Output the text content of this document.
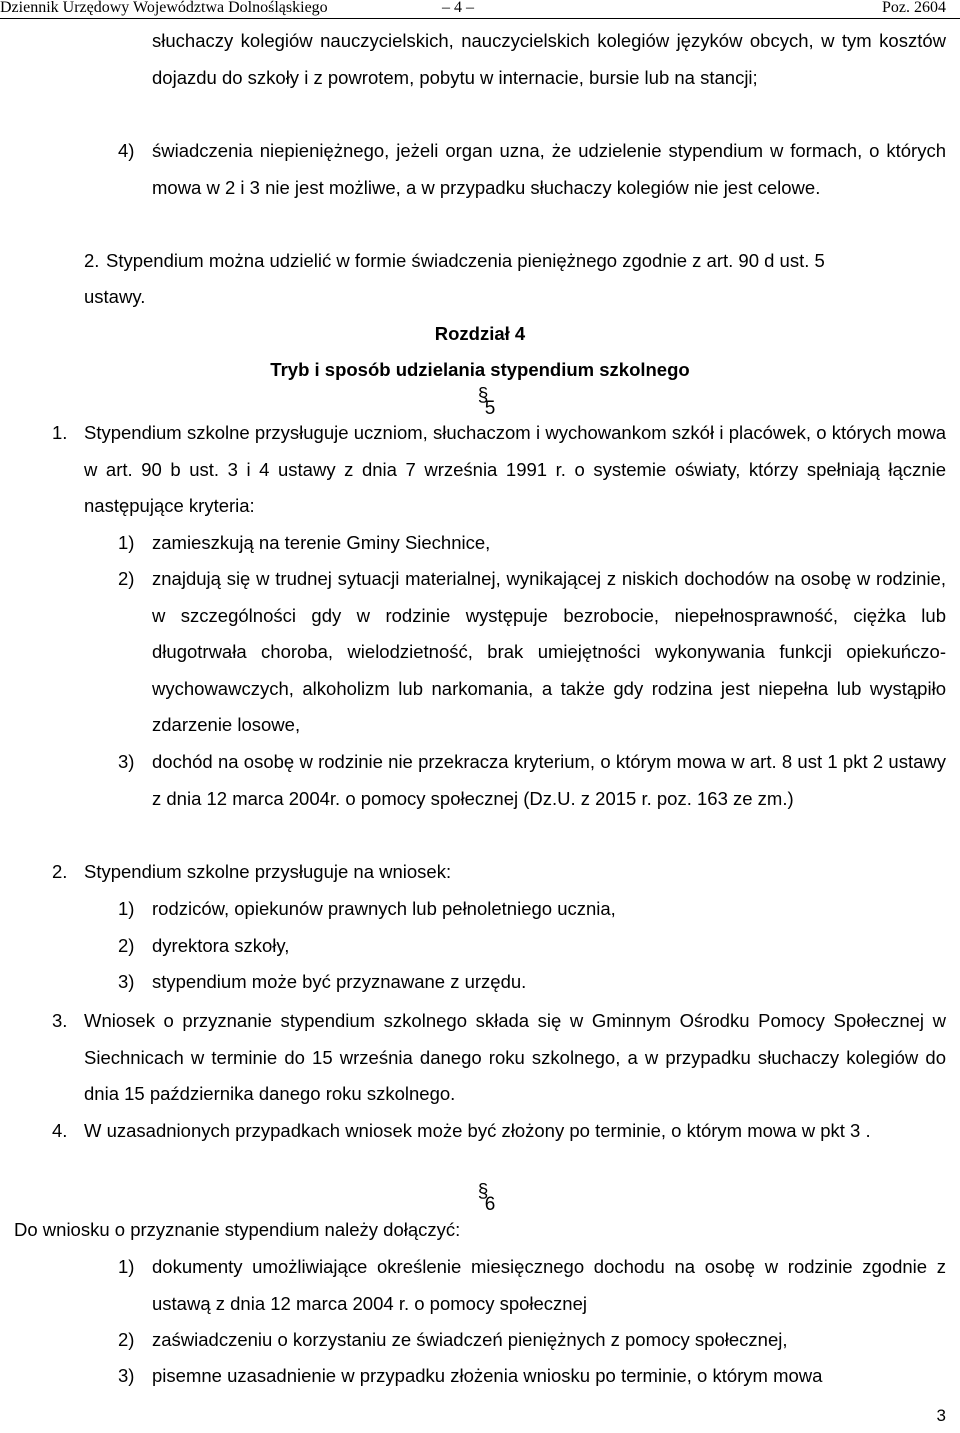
Dziennik Urzędowy Województwa Dolnośląskiego	– 4 –	Poz. 2604
słuchaczy kolegiów nauczycielskich, nauczycielskich kolegiów języków obcych, w tym kosztów dojazdu do szkoły i z powrotem, pobytu w internacie, bursie lub na stancji;
4) świadczenia niepieniężnego, jeżeli organ uzna, że udzielenie stypendium w formach, o których mowa w 2 i 3 nie jest możliwe, a w przypadku słuchaczy kolegiów nie jest celowe.
2. Stypendium można udzielić w formie świadczenia pieniężnego zgodnie z art. 90 d ust. 5
ustawy.
Rozdział 4
Tryb i sposób udzielania stypendium szkolnego
§
5
1. Stypendium szkolne przysługuje uczniom, słuchaczom i wychowankom szkół i placówek, o których mowa w art. 90 b ust. 3 i 4 ustawy z dnia 7 września 1991 r. o systemie oświaty, którzy spełniają łącznie następujące kryteria:
1) zamieszkują na terenie Gminy Siechnice,
2) znajdują się w trudnej sytuacji materialnej, wynikającej z niskich dochodów na osobę w rodzinie, w szczególności gdy w rodzinie występuje bezrobocie, niepełnosprawność, ciężka lub długotrwała choroba, wielodzietność, brak umiejętności wykonywania funkcji opiekuńczo-wychowawczych, alkoholizm lub narkomania, a także gdy rodzina jest niepełna lub wystąpiło zdarzenie losowe,
3) dochód na osobę w rodzinie nie przekracza kryterium, o którym mowa w art. 8 ust 1 pkt 2 ustawy z dnia 12 marca 2004r. o pomocy społecznej (Dz.U. z 2015 r. poz. 163 ze zm.)
2. Stypendium szkolne przysługuje na wniosek:
1) rodziców, opiekunów prawnych lub pełnoletniego ucznia,
2) dyrektora szkoły,
3) stypendium może być przyznawane z urzędu.
3. Wniosek o przyznanie stypendium szkolnego składa się w Gminnym Ośrodku Pomocy Społecznej w Siechnicach w terminie do 15 września danego roku szkolnego, a w przypadku słuchaczy kolegiów do dnia 15 października danego roku szkolnego.
4. W uzasadnionych przypadkach wniosek może być złożony po terminie, o którym mowa w pkt 3 .
§
6
Do wniosku o przyznanie stypendium należy dołączyć:
1) dokumenty umożliwiające określenie miesięcznego dochodu na osobę w rodzinie zgodnie z ustawą z dnia 12 marca 2004 r. o pomocy społecznej
2) zaświadczeniu o korzystaniu ze świadczeń pieniężnych z pomocy społecznej,
3) pisemne uzasadnienie w przypadku złożenia wniosku po terminie, o którym mowa
3
